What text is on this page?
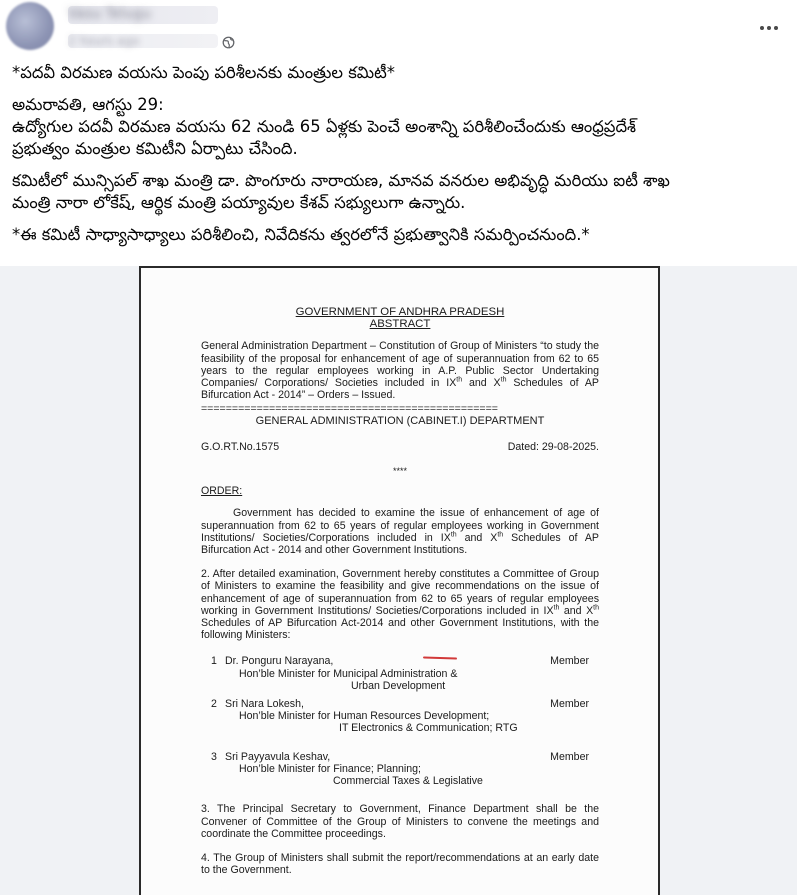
Vasu Telugu
2 hours ago

*పదవీ విరమణ వయసు పెంపు పరిశీలనకు మంత్రుల కమిటీ*

అమరావతి, ఆగస్టు 29:

ఉద్యోగుల పదవీ విరమణ వయసు 62 నుండి 65 ఏళ్లకు పెంచే అంశాన్ని పరిశీలించేందుకు ఆంధ్రప్రదేశ్

ప్రభుత్వం మంత్రుల కమిటీని ఏర్పాటు చేసింది.

కమిటీలో మున్సిపల్ శాఖ మంత్రి డా. పొంగూరు నారాయణ, మానవ వనరుల అభివృద్ధి మరియు ఐటీ శాఖ

మంత్రి నారా లోకేష్, ఆర్థిక మంత్రి పయ్యావుల కేశవ్ సభ్యులుగా ఉన్నారు.

*ఈ కమిటీ సాధ్యాసాధ్యాలు పరిశీలించి, నివేదికను త్వరలోనే ప్రభుత్వానికి సమర్పించనుంది.*

GOVERNMENT OF ANDHRA PRADESH
ABSTRACT
General Administration Department – Constitution of Group of Ministers “to study the feasibility of the proposal for enhancement of age of superannuation from 62 to 65 years to the regular employees working in A.P. Public Sector Undertaking Companies/ Corporations/ Societies included in IXth and Xth Schedules of AP Bifurcation Act - 2014” – Orders – Issued.
================================================
GENERAL ADMINISTRATION (CABINET.I) DEPARTMENT
G.O.RT.No.1575	Dated: 29-08-2025.
****
ORDER:
Government has decided to examine the issue of enhancement of age of superannuation from 62 to 65 years of regular employees working in Government Institutions/ Societies/Corporations included in IXth and Xth Schedules of AP Bifurcation Act - 2014 and other Government Institutions.
2. After detailed examination, Government hereby constitutes a Committee of Group of Ministers to examine the feasibility and give recommendations on the issue of enhancement of age of superannuation from 62 to 65 years of regular employees working in Government Institutions/ Societies/Corporations included in IXth and Xth Schedules of AP Bifurcation Act-2014 and other Government Institutions, with the following Ministers:
1 Dr. Ponguru Narayana,
Hon’ble Minister for Municipal Administration &
Urban Development
Member
2 Sri Nara Lokesh,
Hon’ble Minister for Human Resources Development;
IT Electronics & Communication; RTG
Member
3 Sri Payyavula Keshav,
Hon’ble Minister for Finance; Planning;
Commercial Taxes & Legislative
Member
3. The Principal Secretary to Government, Finance Department shall be the Convener of Committee of the Group of Ministers to convene the meetings and coordinate the Committee proceedings.
4. The Group of Ministers shall submit the report/recommendations at an early date to the Government.
